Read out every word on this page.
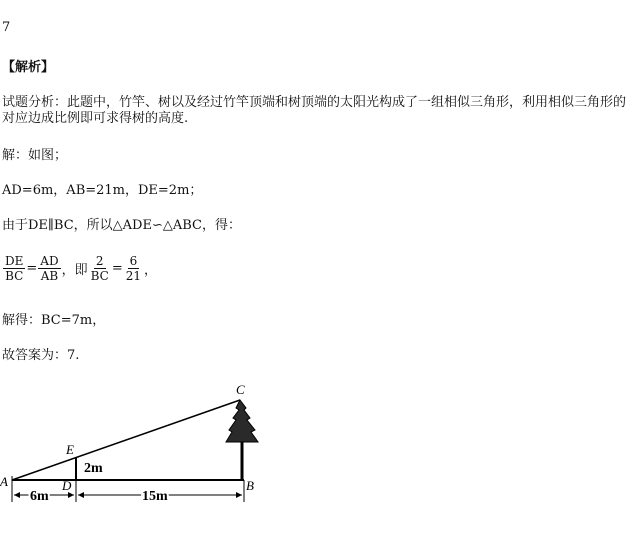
7
【解析】
试题分析：此题中，竹竿、树以及经过竹竿顶端和树顶端的太阳光构成了一组相似三角形，利用相似三角形的对应边成比例即可求得树的高度.
解：如图；
AD=6m，AB=21m，DE=2m；
由于DE∥BC，所以△ADE∽△ABC，得：
$\frac{DE}{BC} = \frac{AD}{AB}$ ，即 $\frac{2}{BC} = \frac{6}{21}$ ，
解得：BC=7m，
故答案为：7.
C
E
A	D	B
2m
6m	15m
